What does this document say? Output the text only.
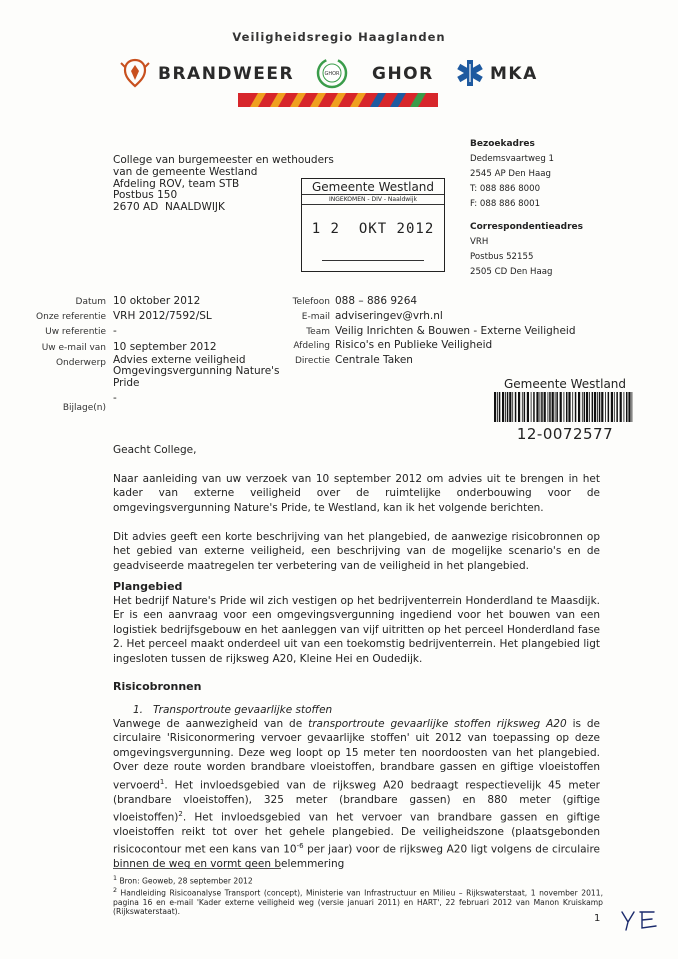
Veiligheidsregio Haaglanden
BRANDWEER	GHOR GHOR	MKA
College van burgemeester en wethouders
van de gemeente Westland
Afdeling ROV, team STB
Postbus 150
2670 AD  NAALDWIJK
Bezoekadres
Dedemsvaartweg 1
2545 AP Den Haag
T: 088 886 8000
F: 088 886 8001
Correspondentieadres
VRH
Postbus 52155
2505 CD Den Haag
Gemeente Westland
INGEKOMEN - DIV - Naaldwijk
1 2  OKT 2012
Datum
Onze referentie
Uw referentie
Uw e-mail van
Onderwerp
Bijlage(n)
10 oktober 2012
VRH 2012/7592/SL
-
10 september 2012
Advies externe veiligheid
Omgevingsvergunning Nature's
Pride
-
Telefoon
E-mail
Team
Afdeling
Directie
088 – 886 9264
adviseringev@vrh.nl
Veilig Inrichten & Bouwen - Externe Veiligheid
Risico's en Publieke Veiligheid
Centrale Taken
Gemeente Westland
12-0072577
Geacht College,
Naar aanleiding van uw verzoek van 10 september 2012 om advies uit te brengen in het kader van externe veiligheid over de ruimtelijke onderbouwing voor de omgevingsvergunning Nature's Pride, te Westland, kan ik het volgende berichten.
Dit advies geeft een korte beschrijving van het plangebied, de aanwezige risicobronnen op het gebied van externe veiligheid, een beschrijving van de mogelijke scenario's en de geadviseerde maatregelen ter verbetering van de veiligheid in het plangebied.
Plangebied
Het bedrijf Nature's Pride wil zich vestigen op het bedrijventerrein Honderdland te Maasdijk. Er is een aanvraag voor een omgevingsvergunning ingediend voor het bouwen van een logistiek bedrijfsgebouw en het aanleggen van vijf uitritten op het perceel Honderdland fase 2. Het perceel maakt onderdeel uit van een toekomstig bedrijventerrein. Het plangebied ligt ingesloten tussen de rijksweg A20, Kleine Hei en Oudedijk.
Risicobronnen
1.   Transportroute gevaarlijke stoffen
Vanwege de aanwezigheid van de transportroute gevaarlijke stoffen rijksweg A20 is de circulaire 'Risiconormering vervoer gevaarlijke stoffen' uit 2012 van toepassing op deze omgevingsvergunning. Deze weg loopt op 15 meter ten noordoosten van het plangebied. Over deze route worden brandbare vloeistoffen, brandbare gassen en giftige vloeistoffen vervoerd$^1$. Het invloedsgebied van de rijksweg A20 bedraagt respectievelijk 45 meter (brandbare vloeistoffen), 325 meter (brandbare gassen) en 880 meter (giftige vloeistoffen)$^2$. Het invloedsgebied van het vervoer van brandbare gassen en giftige vloeistoffen reikt tot over het gehele plangebied. De veiligheidszone (plaatsgebonden risicocontour met een kans van $10^{-6}$ per jaar) voor de rijksweg A20 ligt volgens de circulaire binnen de weg en vormt geen belemmering
$^1$ Bron: Geoweb, 28 september 2012
$^2$ Handleiding Risicoanalyse Transport (concept), Ministerie van Infrastructuur en Milieu – Rijkswaterstaat, 1 november 2011, pagina 16 en e-mail 'Kader externe veiligheid weg (versie januari 2011) en HART', 22 februari 2012 van Manon Kruiskamp (Rijkswaterstaat).
1
